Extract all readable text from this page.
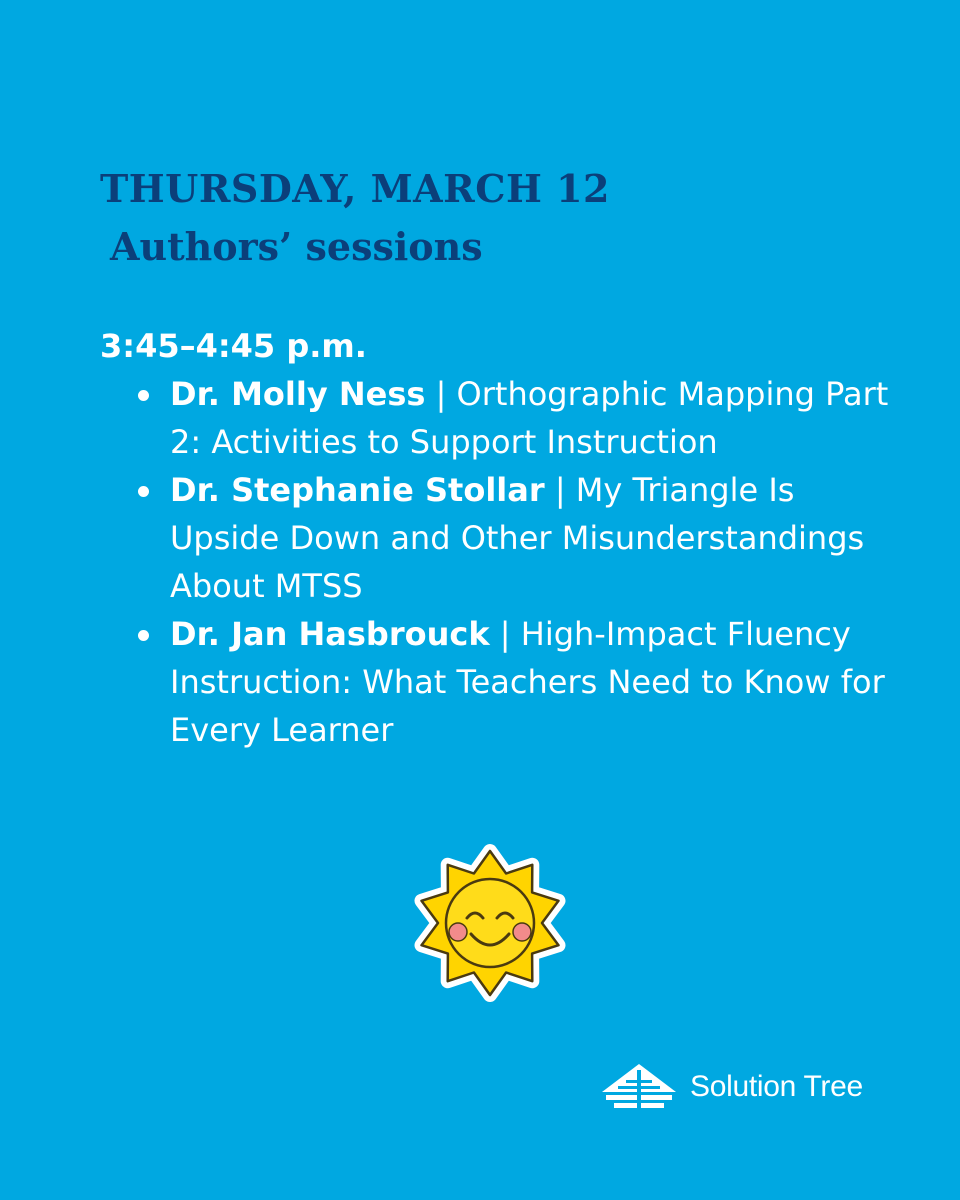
THURSDAY, MARCH 12
Authors’ sessions
3:45–4:45 p.m.
Dr. Molly Ness | Orthographic Mapping Part 2: Activities to Support Instruction
Dr. Stephanie Stollar | My Triangle Is Upside Down and Other Misunderstandings About MTSS
Dr. Jan Hasbrouck | High-Impact Fluency Instruction: What Teachers Need to Know for Every Learner
Solution Tree
